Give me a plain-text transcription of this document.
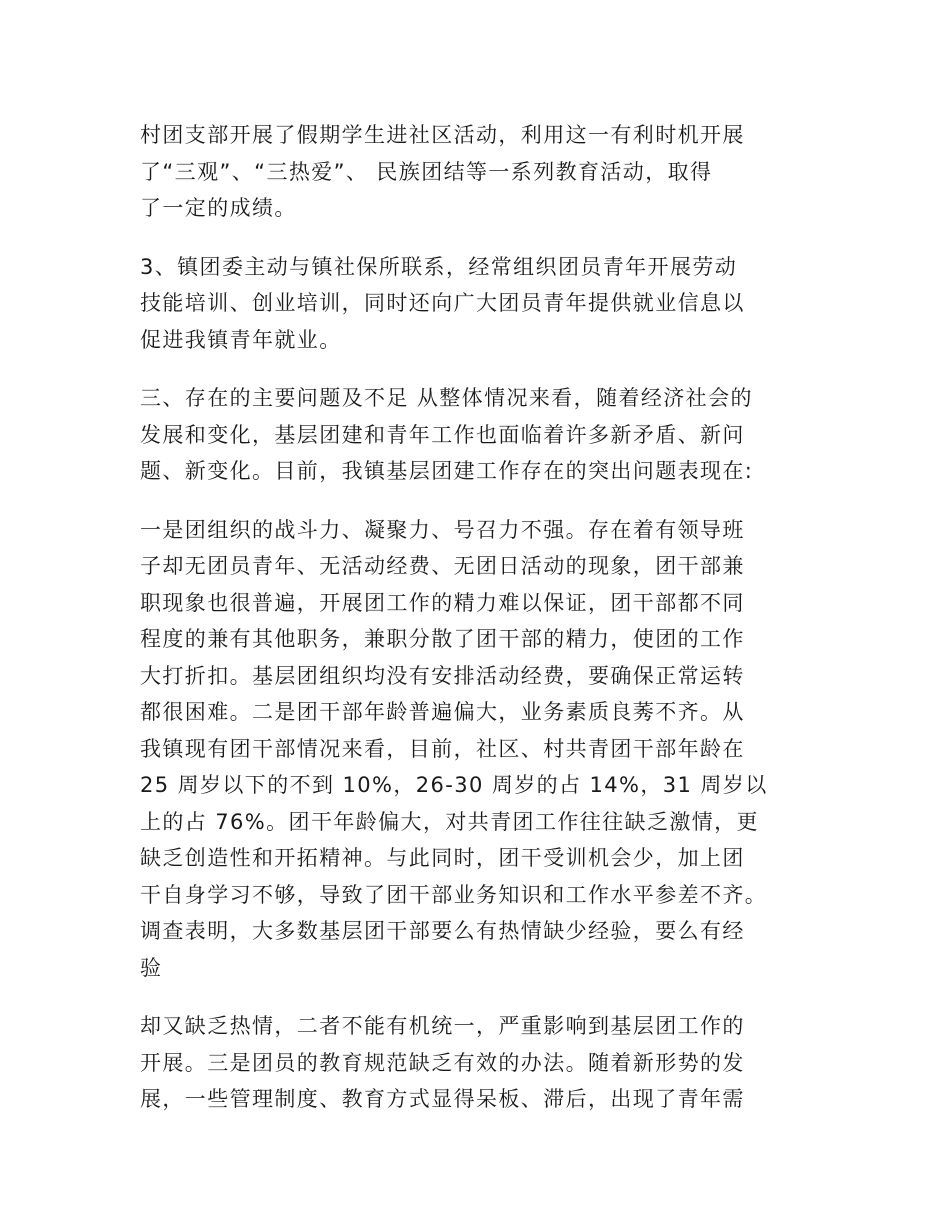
村团支部开展了假期学生进社区活动，利用这一有利时机开展
了“三观”、“三热爱”、 民族团结等一系列教育活动，取得
了一定的成绩。

3、镇团委主动与镇社保所联系，经常组织团员青年开展劳动
技能培训、创业培训，同时还向广大团员青年提供就业信息以
促进我镇青年就业。

三、存在的主要问题及不足 从整体情况来看，随着经济社会的
发展和变化，基层团建和青年工作也面临着许多新矛盾、新问
题、新变化。目前，我镇基层团建工作存在的突出问题表现在:

一是团组织的战斗力、凝聚力、号召力不强。存在着有领导班
子却无团员青年、无活动经费、无团日活动的现象，团干部兼
职现象也很普遍，开展团工作的精力难以保证，团干部都不同
程度的兼有其他职务，兼职分散了团干部的精力，使团的工作
大打折扣。基层团组织均没有安排活动经费，要确保正常运转
都很困难。二是团干部年龄普遍偏大，业务素质良莠不齐。从
我镇现有团干部情况来看，目前，社区、村共青团干部年龄在
25 周岁以下的不到 10%，26-30 周岁的占 14%，31 周岁以
上的占 76%。团干年龄偏大，对共青团工作往往缺乏激情，更
缺乏创造性和开拓精神。与此同时，团干受训机会少，加上团
干自身学习不够，导致了团干部业务知识和工作水平参差不齐。
调查表明，大多数基层团干部要么有热情缺少经验，要么有经
验

却又缺乏热情，二者不能有机统一，严重影响到基层团工作的
开展。三是团员的教育规范缺乏有效的办法。随着新形势的发
展，一些管理制度、教育方式显得呆板、滞后，出现了青年需
